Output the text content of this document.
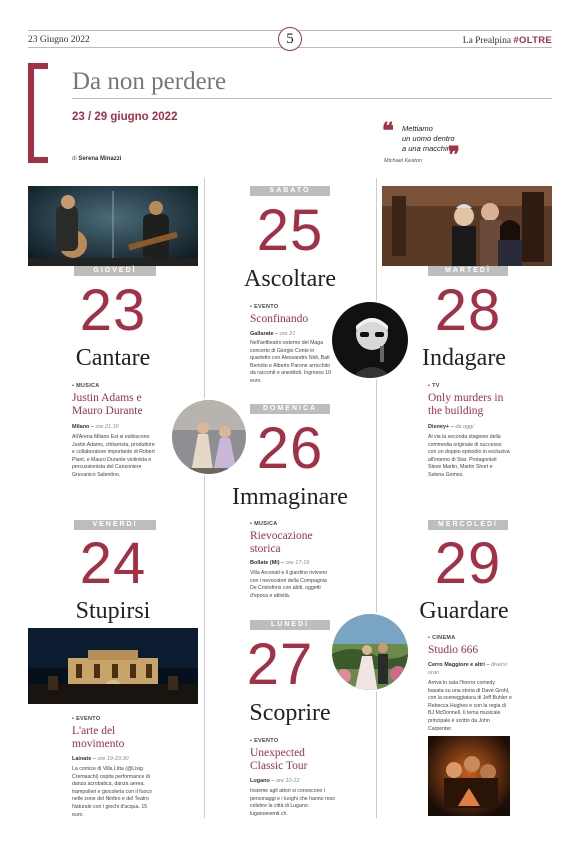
23 Giugno 2022	5	La Prealpina #OLTRE
Da non perdere
23 / 29 giugno 2022
di Serena Minazzi
❝ Mettiamo
un uomo dentro
a una macchina!
Michael Keaton ❞
GIOVEDÌ
23
Cantare
▪ MUSICA
Justin Adams e Mauro Durante
Milano – ore 21.30
All'Arena Milano Est si esibiscono Justin Adams, chitarrista, produttore e collaboratore importante di Robert Plant, e Mauro Durante violinista e percussionista del Canzoniere Grecanico Salentino.
VENERDÌ
24
Stupirsi
▪ EVENTO
L'arte del movimento
Lainate – ore 19-23.30
La cornice di Villa Litta (@Lisig Cremaschi) ospita performance di danza acrobatica, danza aerea, trampolieri e giocoleria con il fuoco nelle zone del Ninfeo e del Teatro Naturale con i giochi d'acqua. 15 euro.
SABATO
25
Ascoltare
▪ EVENTO
Sconfinando
Gallarate – ore 21
Nell'anfiteatro esterno del Maga concerto di Giorgio Conte in quartetto con Alessandro Nidi, Bati Bertolio e Alberto Parone arricchito da racconti e aneddoti. Ingresso 10 euro.
DOMENICA
26
Immaginare
▪ MUSICA
Rievocazione storica
Bollate (Mi) – ore 17-19
Villa Arconati e il giardino rivivono con i nevocatori della Compagnia De Cristoforis con abiti, oggetti d'epoca e attività.
LUNEDÌ
27
Scoprire
▪ EVENTO
Unexpected Classic Tour
Lugano – ore 10-12
Insieme agli attori si conoscono i personaggi e i luoghi che hanno reso celebre la città di Lugano. luganoeventi.ch.
MARTEDÌ
28
Indagare
▪ TV
Only murders in the building
Disney+ – da oggi
Al via la seconda stagione della commedia originale di successo con un doppio episodio in esclusiva all'interno di Star. Protagonisti Steve Martin, Martin Short e Selena Gomez.
MERCOLEDÌ
29
Guardare
▪ CINEMA
Studio 666
Cerro Maggiore e altri – diversi orari
Arriva in sala l'horror comedy basata su una storia di Dave Grohl, con la sceneggiatura di Jeff Buhler e Rebecca Hughes e con la regia di BJ McDonnell. Il tema musicale principale è scritto da John Carpenter.
